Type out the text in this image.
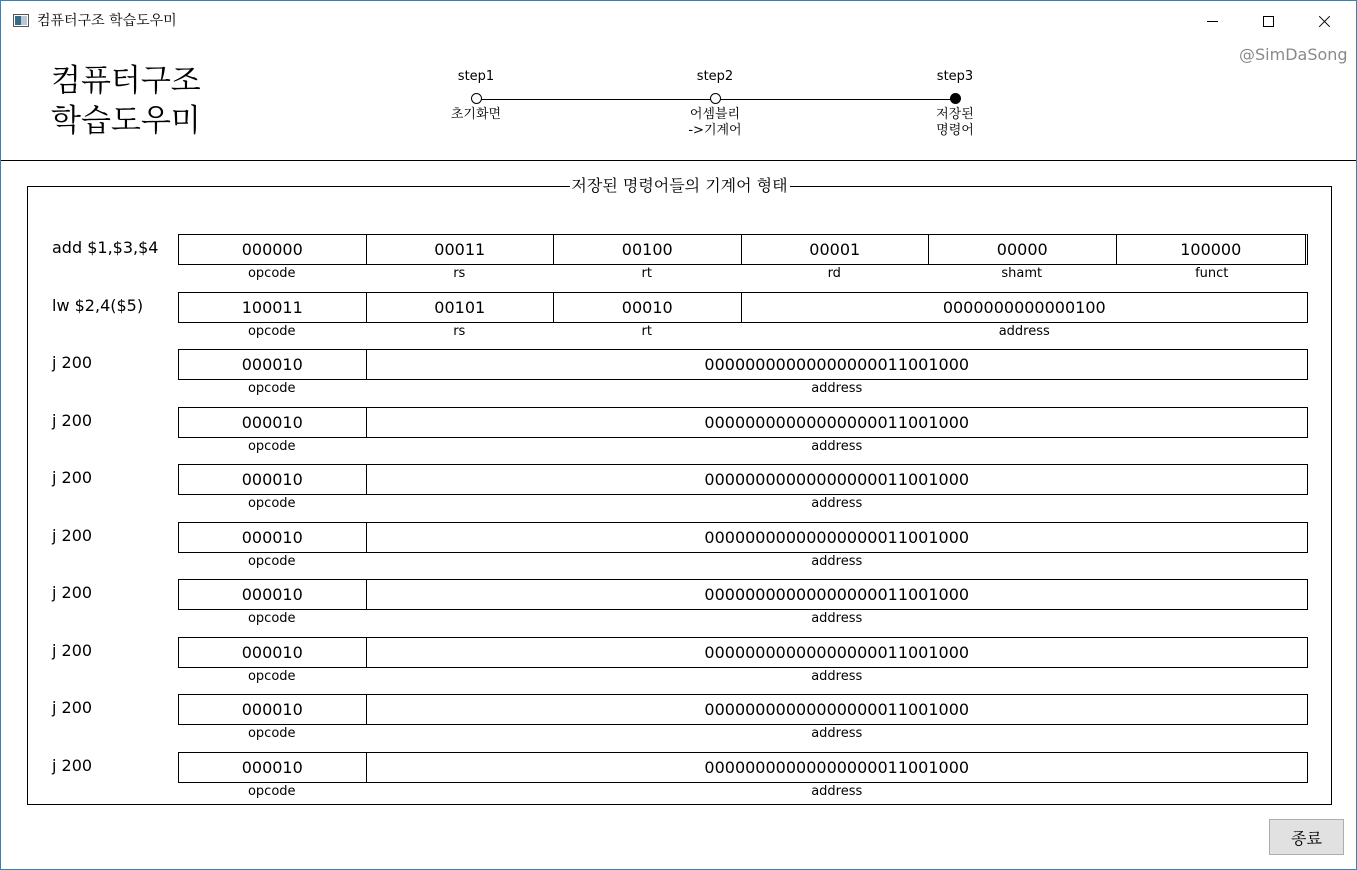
컴퓨터구조 학습도우미
@SimDaSong
컴퓨터구조
학습도우미
step1
초기화면
step2
어셈블리
->기계어
step3
저장된
명령어
저장된 명령어들의 기계어 형태
add $1,$3,$4	000000	00011	00100	00001	00000	100000
opcode	rs	rt	rd	shamt	funct
lw $2,4($5)	100011	00101	00010	0000000000000100
opcode	rs	rt	address
j 200	000010	00000000000000000011001000
opcode	address
j 200	000010	00000000000000000011001000
opcode	address
j 200	000010	00000000000000000011001000
opcode	address
j 200	000010	00000000000000000011001000
opcode	address
j 200	000010	00000000000000000011001000
opcode	address
j 200	000010	00000000000000000011001000
opcode	address
j 200	000010	00000000000000000011001000
opcode	address
j 200	000010	00000000000000000011001000
opcode	address
종료
